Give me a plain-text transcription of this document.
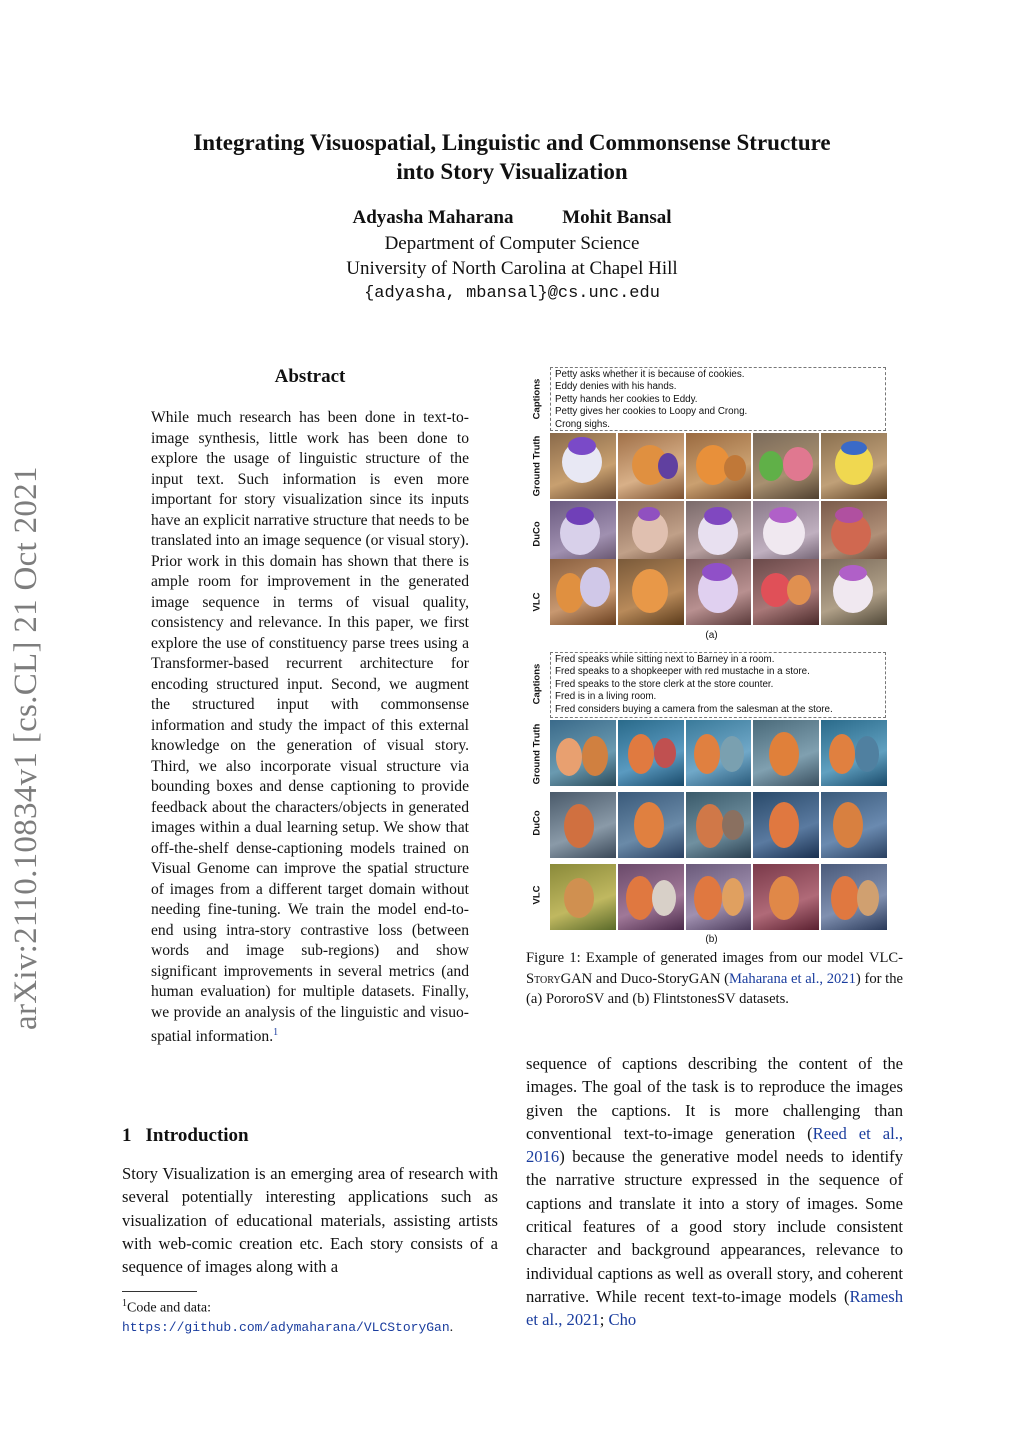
arXiv:2110.10834v1 [cs.CL] 21 Oct 2021
Integrating Visuospatial, Linguistic and Commonsense Structure
into Story Visualization
Adyasha Maharana	Mohit Bansal
Department of Computer Science
University of North Carolina at Chapel Hill
{adyasha, mbansal}@cs.unc.edu
Abstract
While much research has been done in text-to-image synthesis, little work has been done to explore the usage of linguistic structure of the input text. Such information is even more important for story visualization since its inputs have an explicit narrative structure that needs to be translated into an image sequence (or visual story). Prior work in this domain has shown that there is ample room for improvement in the generated image sequence in terms of visual quality, consistency and relevance. In this paper, we first explore the use of constituency parse trees using a Transformer-based recurrent architecture for encoding structured input. Second, we augment the structured input with commonsense information and study the impact of this external knowledge on the generation of visual story. Third, we also incorporate visual structure via bounding boxes and dense captioning to provide feedback about the characters/objects in generated images within a dual learning setup. We show that off-the-shelf dense-captioning models trained on Visual Genome can improve the spatial structure of images from a different target domain without needing fine-tuning. We train the model end-to-end using intra-story contrastive loss (between words and image sub-regions) and show significant improvements in several metrics (and human evaluation) for multiple datasets. Finally, we provide an analysis of the linguistic and visuo-spatial information.$^1$
1 Introduction
Story Visualization is an emerging area of research with several potentially interesting applications such as visualization of educational materials, assisting artists with web-comic creation etc. Each story consists of a sequence of images along with a
$^1$Code and data: https://github.com/adymaharana/VLCStoryGan.
Captions
Petty asks whether it is because of cookies.
Eddy denies with his hands.
Petty hands her cookies to Eddy.
Petty gives her cookies to Loopy and Crong.
Crong sighs.
Ground Truth
DuCo
VLC
(a)
Captions
Fred speaks while sitting next to Barney in a room.
Fred speaks to a shopkeeper with red mustache in a store.
Fred speaks to the store clerk at the store counter.
Fred is in a living room.
Fred considers buying a camera from the salesman at the store.
Ground Truth
DuCo
VLC
(b)
Figure 1: Example of generated images from our model VLC-StoryGAN and Duco-StoryGAN (Maharana et al., 2021) for the (a) PororoSV and (b) FlintstonesSV datasets.
sequence of captions describing the content of the images. The goal of the task is to reproduce the images given the captions. It is more challenging than conventional text-to-image generation (Reed et al., 2016) because the generative model needs to identify the narrative structure expressed in the sequence of captions and translate it into a story of images. Some critical features of a good story include consistent character and background appearances, relevance to individual captions as well as overall story, and coherent narrative. While recent text-to-image models (Ramesh et al., 2021; Cho
